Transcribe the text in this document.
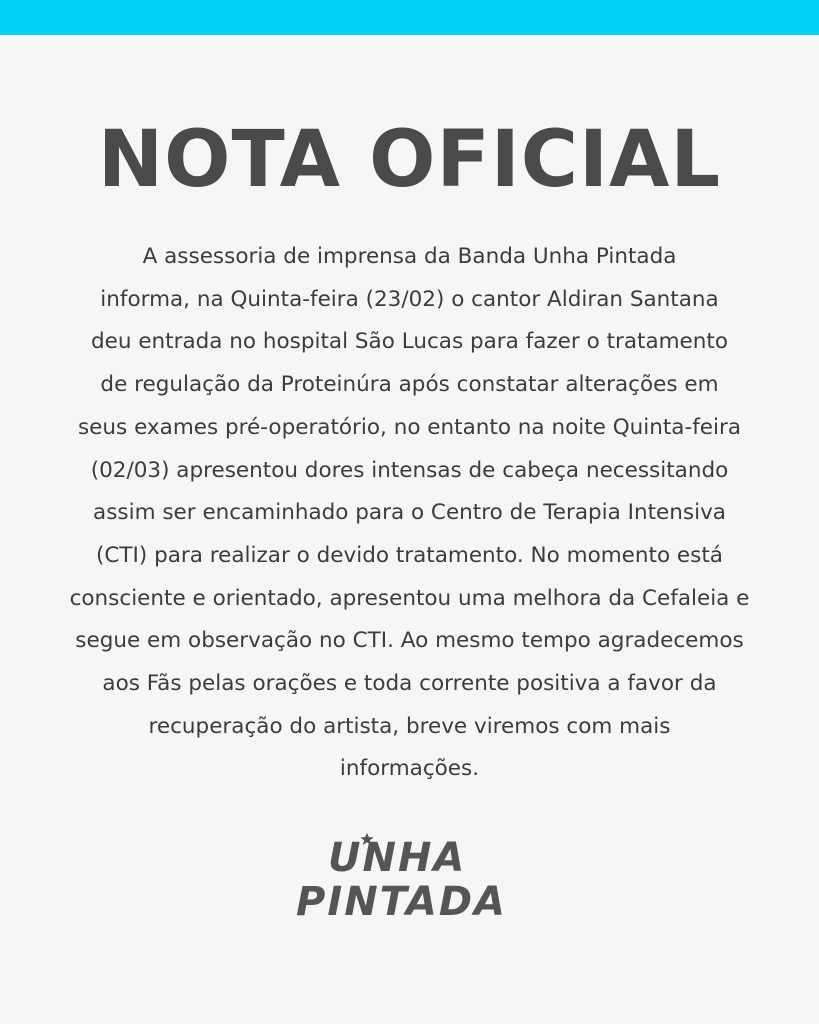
NOTA OFICIAL

A assessoria de imprensa da Banda Unha Pintada
informa, na Quinta-feira (23/02) o cantor Aldiran Santana
deu entrada no hospital São Lucas para fazer o tratamento
de regulação da Proteinúra após constatar alterações em
seus exames pré-operatório, no entanto na noite Quinta-feira
(02/03) apresentou dores intensas de cabeça necessitando
assim ser encaminhado para o Centro de Terapia Intensiva
(CTI) para realizar o devido tratamento. No momento está
consciente e orientado, apresentou uma melhora da Cefaleia e
segue em observação no CTI. Ao mesmo tempo agradecemos
aos Fãs pelas orações e toda corrente positiva a favor da
recuperação do artista, breve viremos com mais
informações.

UNHA
PINTADA
